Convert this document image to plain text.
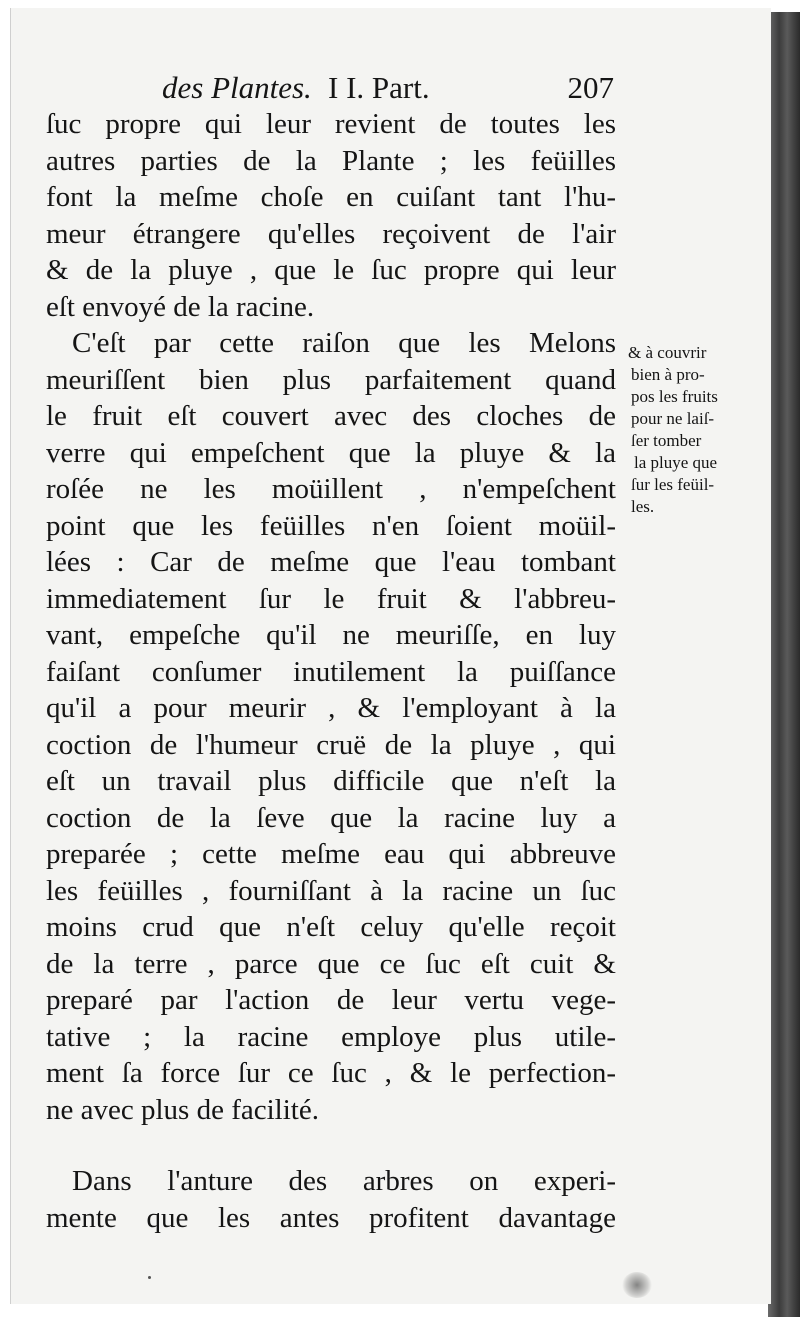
des Plantes. I I. Part.	207
ſuc propre qui leur revient de toutes les
autres parties de la Plante ; les feüilles
font la meſme choſe en cuiſant tant l'hu-
meur étrangere qu'elles reçoivent de l'air
& de la pluye , que le ſuc propre qui leur
eſt envoyé de la racine.
C'eſt par cette raiſon que les Melons
meuriſſent bien plus parfaitement quand
le fruit eſt couvert avec des cloches de
verre qui empeſchent que la pluye & la
roſée ne les moüillent , n'empeſchent
point que les feüilles n'en ſoient moüil-
lées : Car de meſme que l'eau tombant
immediatement ſur le fruit & l'abbreu-
vant, empeſche qu'il ne meuriſſe, en luy
faiſant conſumer inutilement la puiſſance
qu'il a pour meurir , & l'employant à la
coction de l'humeur cruë de la pluye , qui
eſt un travail plus difficile que n'eſt la
coction de la ſeve que la racine luy a
preparée ; cette meſme eau qui abbreuve
les feüilles , fourniſſant à la racine un ſuc
moins crud que n'eſt celuy qu'elle reçoit
de la terre , parce que ce ſuc eſt cuit &
preparé par l'action de leur vertu vege-
tative ; la racine employe plus utile-
ment ſa force ſur ce ſuc , & le perfection-
ne avec plus de facilité.
Dans l'anture des arbres on experi-
mente que les antes profitent davantage
& à couvrir
bien à pro-
pos les fruits
pour ne laiſ-
ſer tomber
la pluye que
ſur les feüil-
les.
